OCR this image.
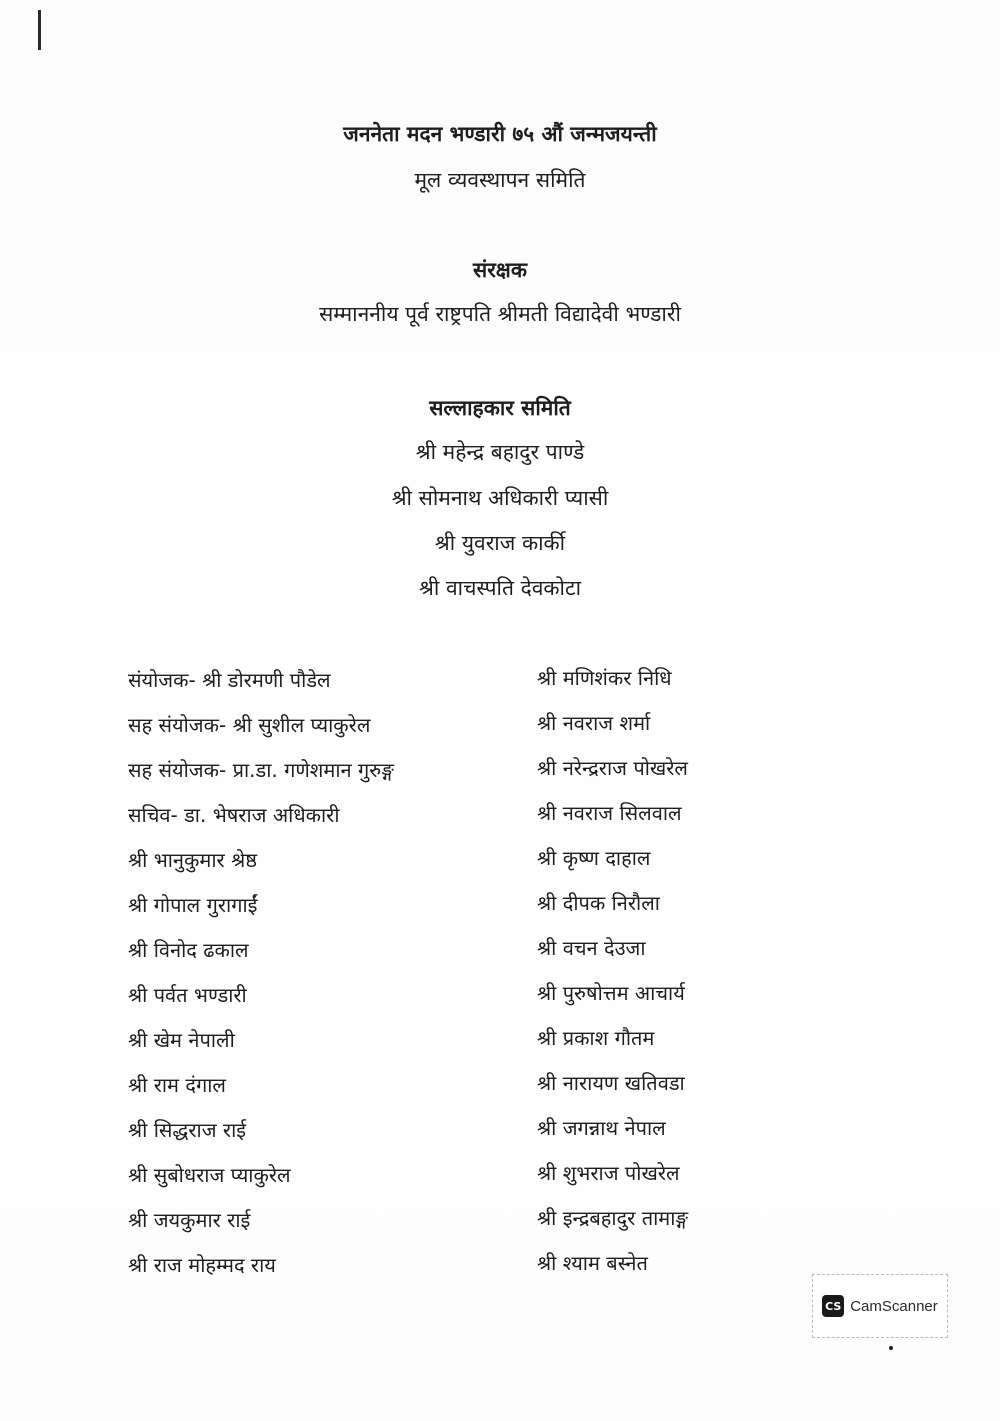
जननेता मदन भण्डारी ७५ औं जन्मजयन्ती
मूल व्यवस्थापन समिति
संरक्षक
सम्माननीय पूर्व राष्ट्रपति श्रीमती विद्यादेवी भण्डारी
सल्लाहकार समिति
श्री महेन्द्र बहादुर पाण्डे
श्री सोमनाथ अधिकारी प्यासी
श्री युवराज कार्की
श्री वाचस्पति देवकोटा
संयोजक- श्री डोरमणी पौडेल
सह संयोजक- श्री सुशील प्याकुरेल
सह संयोजक- प्रा.डा. गणेशमान गुरुङ्ग
सचिव- डा. भेषराज अधिकारी
श्री भानुकुमार श्रेष्ठ
श्री गोपाल गुरागाईं
श्री विनोद ढकाल
श्री पर्वत भण्डारी
श्री खेम नेपाली
श्री राम दंगाल
श्री सिद्धराज राई
श्री सुबोधराज प्याकुरेल
श्री जयकुमार राई
श्री राज मोहम्मद राय
श्री मणिशंकर निधि
श्री नवराज शर्मा
श्री नरेन्द्रराज पोखरेल
श्री नवराज सिलवाल
श्री कृष्ण दाहाल
श्री दीपक निरौला
श्री वचन देउजा
श्री पुरुषोत्तम आचार्य
श्री प्रकाश गौतम
श्री नारायण खतिवडा
श्री जगन्नाथ नेपाल
श्री शुभराज पोखरेल
श्री इन्द्रबहादुर तामाङ्ग
श्री श्याम बस्नेत
CS CamScanner
